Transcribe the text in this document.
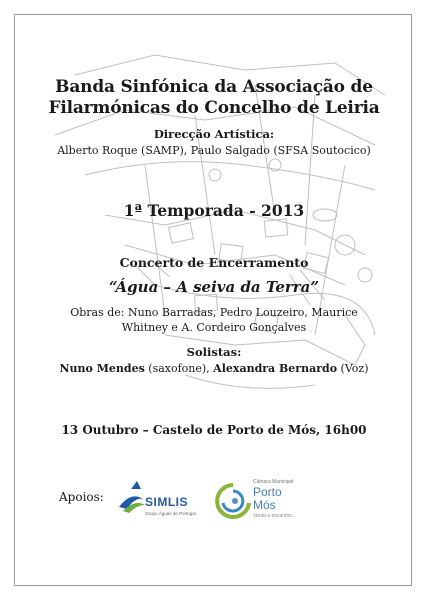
Banda Sinfónica da Associação de
Filarmónicas do Concelho de Leiria
Direcção Artística:
Alberto Roque (SAMP), Paulo Salgado (SFSA Soutocico)
1ª Temporada - 2013
Concerto de Encerramento
“Água – A seiva da Terra”
Obras de: Nuno Barradas, Pedro Louzeiro, Maurice Whitney e A. Cordeiro Gonçalves
Solistas:
Nuno Mendes (saxofone), Alexandra Bernardo (Voz)
13 Outubro – Castelo de Porto de Mós, 16h00
Apoios:	SIMLIS
Grupo Águas de Portugal
Câmara Municipal
Porto
Mós
Vento e encantos...
